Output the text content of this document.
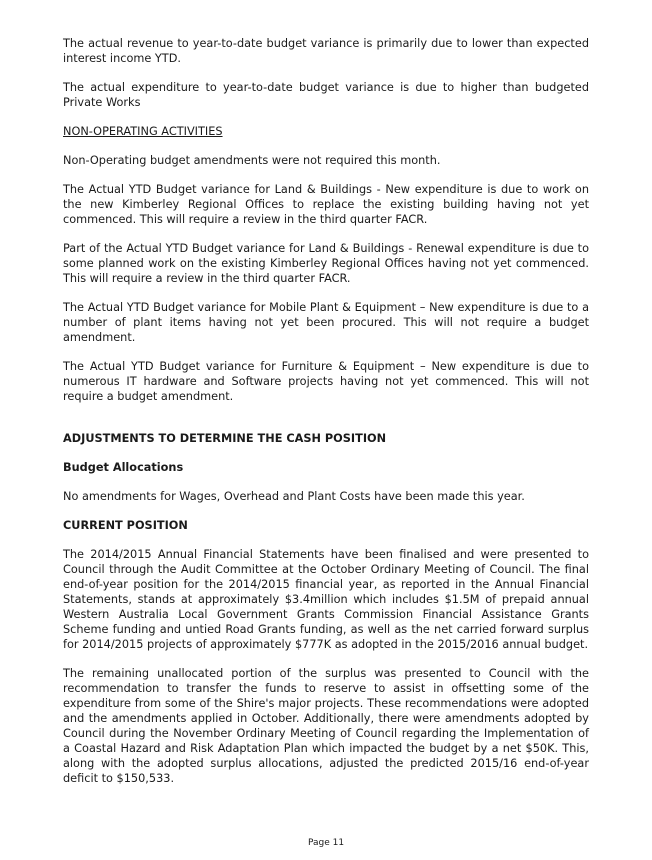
The actual revenue to year-to-date budget variance is primarily due to lower than expected interest income YTD.

The actual expenditure to year-to-date budget variance is due to higher than budgeted Private Works

NON-OPERATING ACTIVITIES

Non-Operating budget amendments were not required this month.

The Actual YTD Budget variance for Land & Buildings - New expenditure is due to work on the new Kimberley Regional Offices to replace the existing building having not yet commenced. This will require a review in the third quarter FACR.

Part of the Actual YTD Budget variance for Land & Buildings - Renewal expenditure is due to some planned work on the existing Kimberley Regional Offices having not yet commenced. This will require a review in the third quarter FACR.

The Actual YTD Budget variance for Mobile Plant & Equipment – New expenditure is due to a number of plant items having not yet been procured. This will not require a budget amendment.

The Actual YTD Budget variance for Furniture & Equipment – New expenditure is due to numerous IT hardware and Software projects having not yet commenced. This will not require a budget amendment.

ADJUSTMENTS TO DETERMINE THE CASH POSITION

Budget Allocations

No amendments for Wages, Overhead and Plant Costs have been made this year.

CURRENT POSITION

The 2014/2015 Annual Financial Statements have been finalised and were presented to Council through the Audit Committee at the October Ordinary Meeting of Council. The final end-of-year position for the 2014/2015 financial year, as reported in the Annual Financial Statements, stands at approximately $3.4million which includes $1.5M of prepaid annual Western Australia Local Government Grants Commission Financial Assistance Grants Scheme funding and untied Road Grants funding, as well as the net carried forward surplus for 2014/2015 projects of approximately $777K as adopted in the 2015/2016 annual budget.

The remaining unallocated portion of the surplus was presented to Council with the recommendation to transfer the funds to reserve to assist in offsetting some of the expenditure from some of the Shire's major projects. These recommendations were adopted and the amendments applied in October. Additionally, there were amendments adopted by Council during the November Ordinary Meeting of Council regarding the Implementation of a Coastal Hazard and Risk Adaptation Plan which impacted the budget by a net $50K. This, along with the adopted surplus allocations, adjusted the predicted 2015/16 end-of-year deficit to $150,533.

Page 11
